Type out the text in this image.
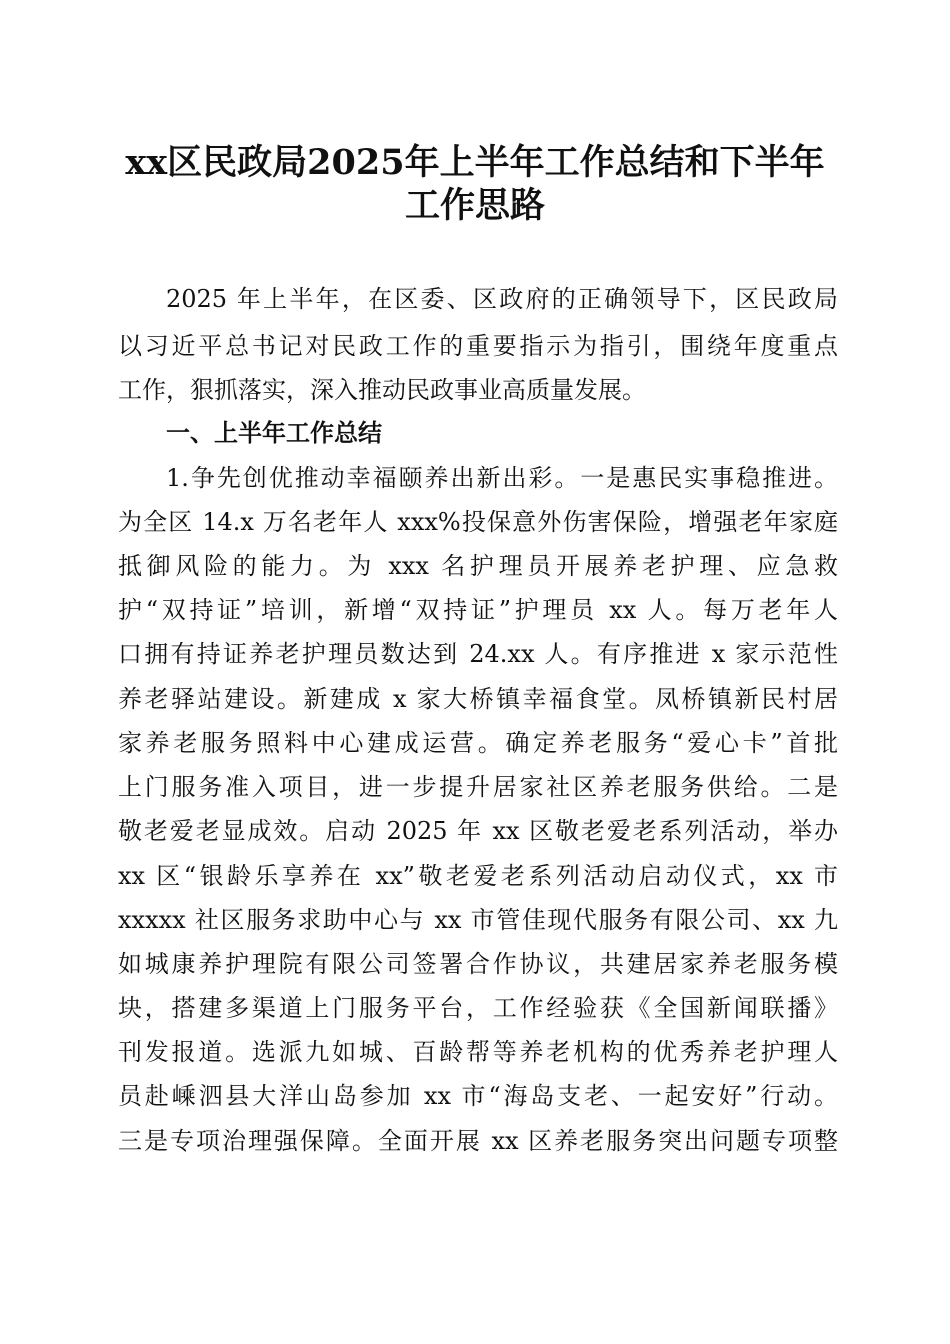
xx区民政局2025年上半年工作总结和下半年
工作思路

2025 年上半年，在区委、区政府的正确领导下，区民政局

以习近平总书记对民政工作的重要指示为指引，围绕年度重点

工作，狠抓落实，深入推动民政事业高质量发展。

一、上半年工作总结

1.争先创优推动幸福颐养出新出彩。一是惠民实事稳推进。

为全区 14.x 万名老年人 xxx%投保意外伤害保险，增强老年家庭

抵御风险的能力。为 xxx 名护理员开展养老护理、应急救

护“双持证”培训，新增“双持证”护理员 xx 人。每万老年人

口拥有持证养老护理员数达到 24.xx 人。有序推进 x 家示范性

养老驿站建设。新建成 x 家大桥镇幸福食堂。凤桥镇新民村居

家养老服务照料中心建成运营。确定养老服务“爱心卡”首批

上门服务准入项目，进一步提升居家社区养老服务供给。二是

敬老爱老显成效。启动 2025 年 xx 区敬老爱老系列活动，举办

xx 区“银龄乐享养在 xx”敬老爱老系列活动启动仪式，xx 市

xxxxx 社区服务求助中心与 xx 市管佳现代服务有限公司、xx 九

如城康养护理院有限公司签署合作协议，共建居家养老服务模

块，搭建多渠道上门服务平台，工作经验获《全国新闻联播》

刊发报道。选派九如城、百龄帮等养老机构的优秀养老护理人

员赴嵊泗县大洋山岛参加 xx 市“海岛支老、一起安好”行动。

三是专项治理强保障。全面开展 xx 区养老服务突出问题专项整
